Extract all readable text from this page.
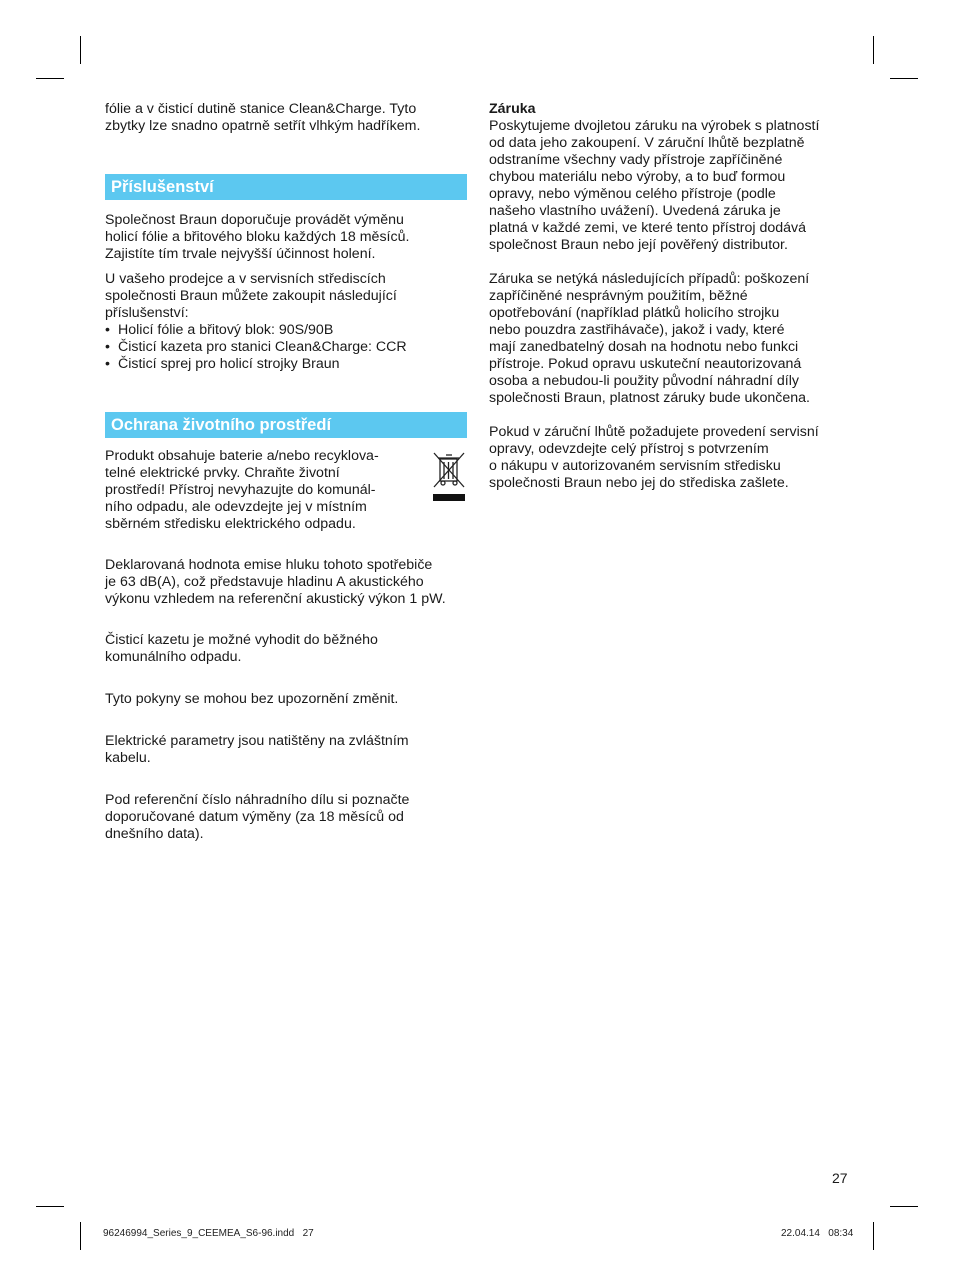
fólie a v čisticí dutině stanice Clean&Charge. Tyto
zbytky lze snadno opatrně setřít vlhkým hadříkem.

Příslušenství

Společnost Braun doporučuje provádět výměnu
holicí fólie a břitového bloku každých 18 měsíců.
Zajistíte tím trvale nejvyšší účinnost holení.

U vašeho prodejce a v servisních střediscích
společnosti Braun můžete zakoupit následující
příslušenství:

• Holicí fólie a břitový blok: 90S/90B
• Čisticí kazeta pro stanici Clean&Charge: CCR
• Čisticí sprej pro holicí strojky Braun
Ochrana životního prostředí

Produkt obsahuje baterie a/nebo recyklova-
telné elektrické prvky. Chraňte životní
prostředí! Přístroj nevyhazujte do komunál-
ního odpadu, ale odevzdejte jej v místním
sběrném středisku elektrického odpadu.

Deklarovaná hodnota emise hluku tohoto spotřebiče
je 63 dB(A), což představuje hladinu A akustického
výkonu vzhledem na referenční akustický výkon 1 pW.

Čisticí kazetu je možné vyhodit do běžného
komunálního odpadu.

Tyto pokyny se mohou bez upozornění změnit.

Elektrické parametry jsou natištěny na zvláštním
kabelu.

Pod referenční číslo náhradního dílu si poznačte
doporučované datum výměny (za 18 měsíců od
dnešního data).

Záruka

Poskytujeme dvojletou záruku na výrobek s platností
od data jeho zakoupení. V záruční lhůtě bezplatně
odstraníme všechny vady přístroje zapříčiněné
chybou materiálu nebo výroby, a to buď formou
opravy, nebo výměnou celého přístroje (podle
našeho vlastního uvážení). Uvedená záruka je
platná v každé zemi, ve které tento přístroj dodává
společnost Braun nebo její pověřený distributor.

Záruka se netýká následujících případů: poškození
zapříčiněné nesprávným použitím, běžné
opotřebování (například plátků holicího strojku
nebo pouzdra zastřihávače), jakož i vady, které
mají zanedbatelný dosah na hodnotu nebo funkci
přístroje. Pokud opravu uskuteční neautorizovaná
osoba a nebudou-li použity původní náhradní díly
společnosti Braun, platnost záruky bude ukončena.

Pokud v záruční lhůtě požadujete provedení servisní
opravy, odevzdejte celý přístroj s potvrzením
o nákupu v autorizovaném servisním středisku
společnosti Braun nebo jej do střediska zašlete.

27
96246994_Series_9_CEEMEA_S6-96.indd   27	22.04.14   08:34
